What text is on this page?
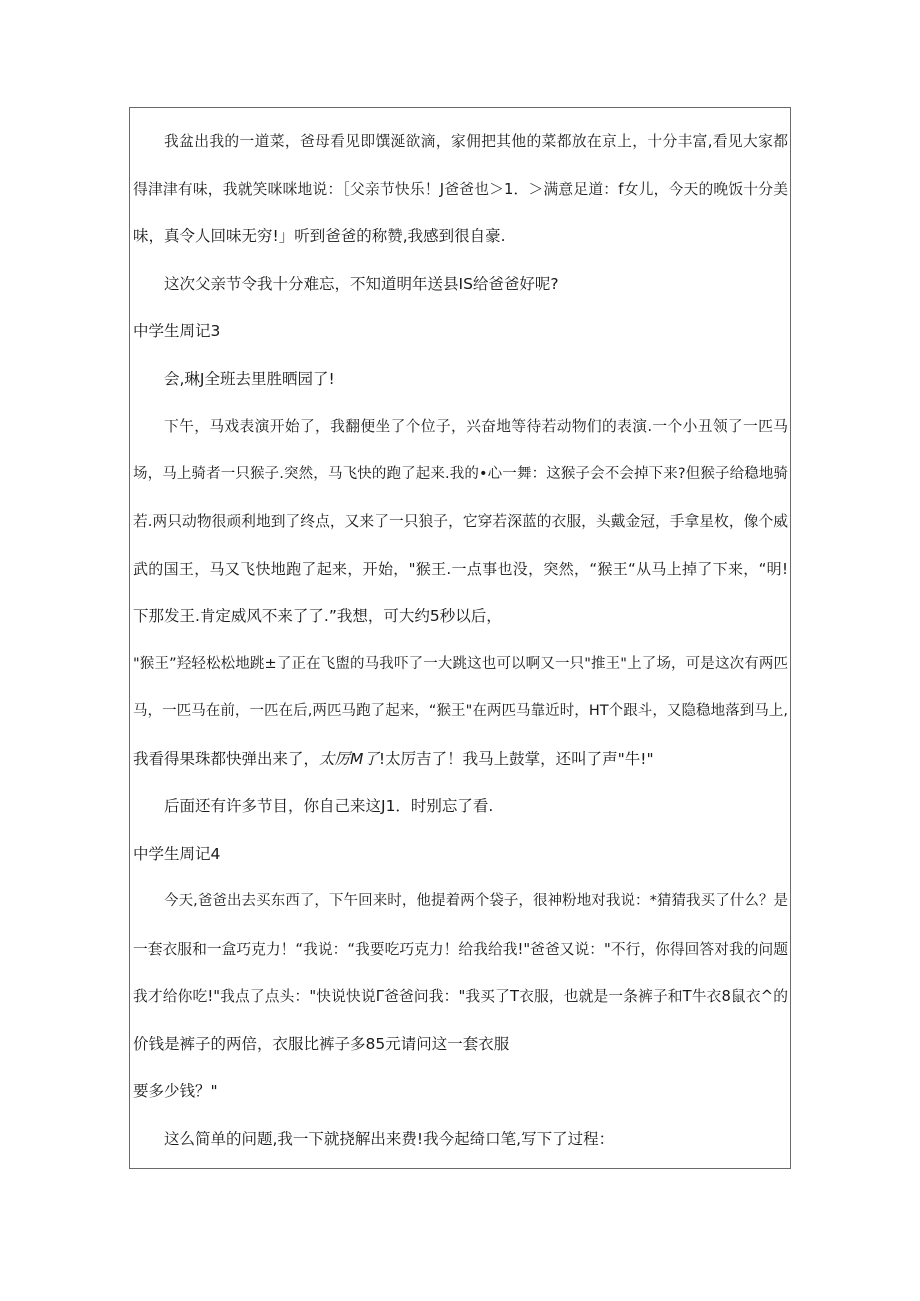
我盆出我的一道菜，爸母看见即馔涎欲滴，家佣把其他的菜都放在京上，十分丰富,看见大家都
得津津有味，我就笑咪咪地说：［父亲节快乐！J爸爸也＞1．＞满意足道：f女儿，今天的晚饭十分美
味，真令人回味无穷!」听到爸爸的称赞,我感到很自豪.
这次父亲节令我十分难忘，不知道明年送县IS给爸爸好呢?
中学生周记3
会,琳J全班去里胜晒园了!
下午，马戏表演开始了，我翻便坐了个位子，兴奋地等待若动物们的表演.一个小丑领了一匹马
场，马上骑者一只猴子.突然，马飞快的跑了起来.我的•心一舞：这猴子会不会掉下来?但猴子给稳地骑
若.两只动物很顽利地到了终点，又来了一只狼子，它穿若深蓝的衣服，头戴金冠，手拿星枚，像个威
武的国王，马又飞快地跑了起来，开始，"猴王.一点事也没，突然，“猴王“从马上掉了下来，“明!
下那发王.肯定威风不来了了.”我想，可大约5秒以后，
"猴王”羟轻松松地跳±了正在飞盥的马我吓了一大跳这也可以啊又一只"推王"上了场，可是这次有两匹
马，一匹马在前，一匹在后,两匹马跑了起来，“猴王"在两匹马靠近时，HT个跟斗，又隐稳地落到马上,
我看得果珠都快弹出来了，太厉M了!太厉吉了！我马上鼓掌，还叫了声"牛!"
后面还有许多节目，你自己来这J1．时别忘了看.
中学生周记4
今天,爸爸出去买东西了，下午回来时，他提着两个袋子，很神粉地对我说：*猜猜我买了什么？是
一套衣服和一盒巧克力！“我说：“我要吃巧克力！给我给我!"爸爸又说："不行，你得回答对我的问题
我才给你吃!"我点了点头："快说快说Γ爸爸问我："我买了T衣服，也就是一条裤子和T牛衣8鼠衣^的
价钱是裤子的两倍，衣服比裤子多85元请问这一套衣服
要多少钱？"
这么简单的问题,我一下就挠解出来费!我今起绮口笔,写下了过程：
